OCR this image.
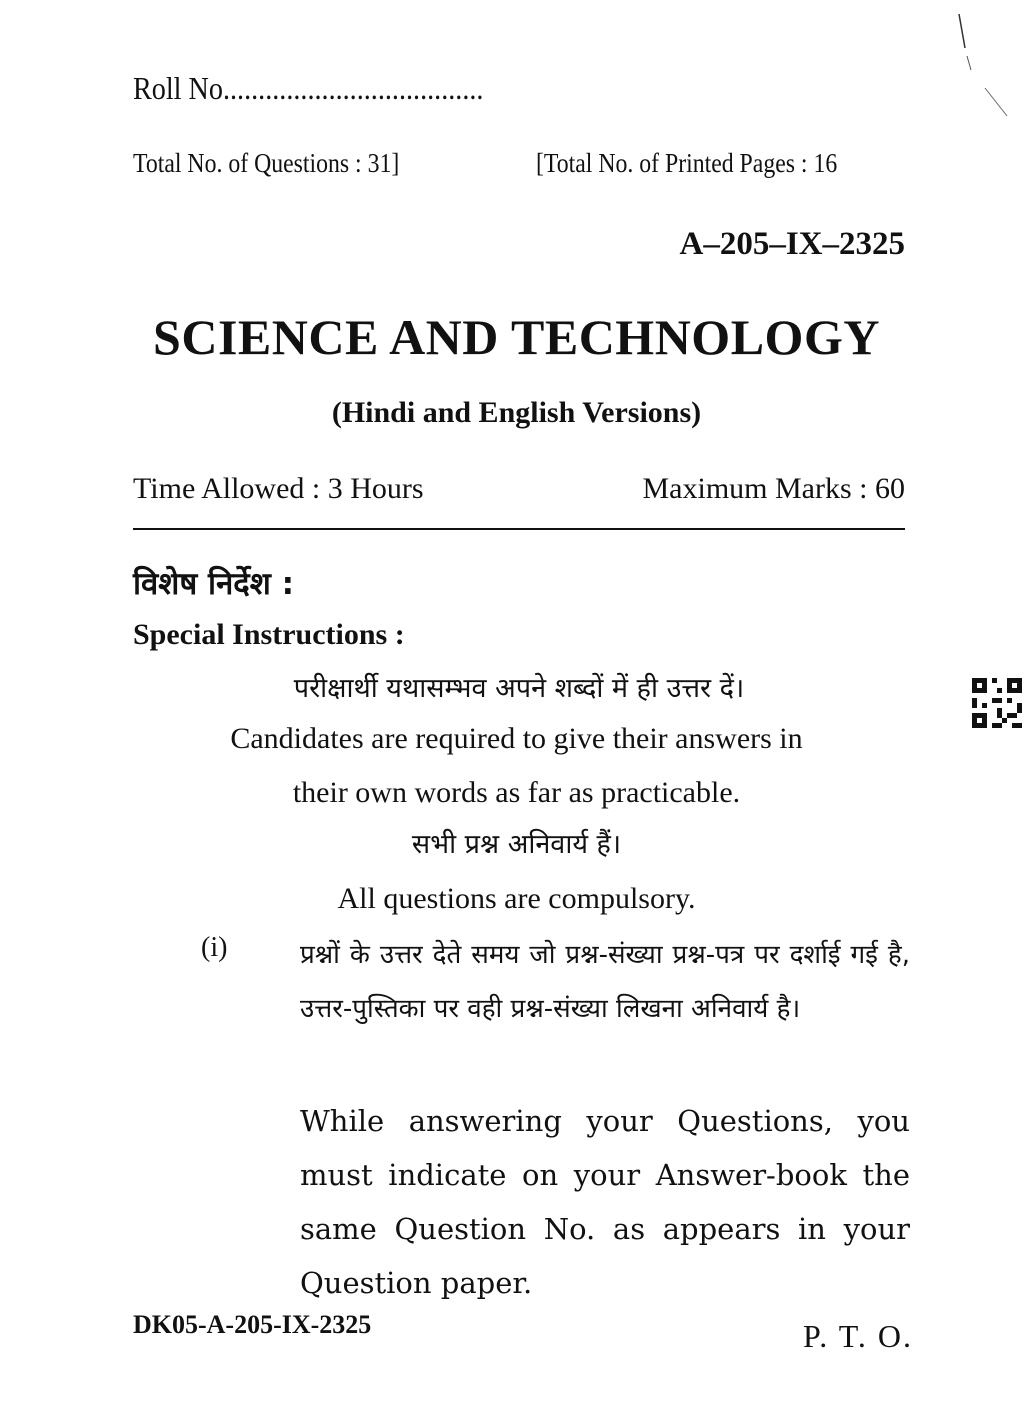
Roll No.....................................
Total No. of Questions : 31]	[Total No. of Printed Pages : 16
A–205–IX–2325
SCIENCE AND TECHNOLOGY
(Hindi and English Versions)
Time Allowed : 3 Hours	Maximum Marks : 60
विशेष निर्देश :
Special Instructions :
परीक्षार्थी यथासम्भव अपने शब्दों में ही उत्तर दें।
Candidates are required to give their answers in
their own words as far as practicable.
सभी प्रश्न अनिवार्य हैं।
All questions are compulsory.
(i)	प्रश्नों के उत्तर देते समय जो प्रश्न-संख्या प्रश्न-पत्र पर दर्शाई गई है, उत्तर-पुस्तिका पर वही प्रश्न-संख्या लिखना अनिवार्य है।
While answering your Questions, you must indicate on your Answer-book the same Question No. as appears in your Question paper.
DK05-A-205-IX-2325	P. T. O.
